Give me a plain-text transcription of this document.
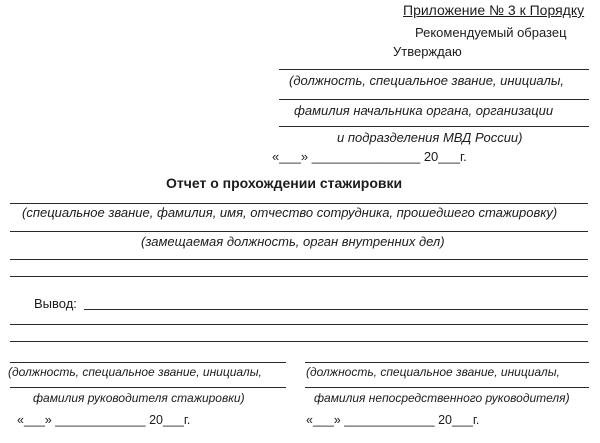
Приложение № 3 к Порядку
Рекомендуемый образец
Утверждаю
(должность, специальное звание, инициалы,
фамилия начальника органа, организации
и подразделения МВД России)
«___» _______________ 20___г.
Отчет о прохождении стажировки
(специальное звание, фамилия, имя, отчество сотрудника, прошедшего стажировку)
(замещаемая должность, орган внутренних дел)
Вывод:
(должность, специальное звание, инициалы,
фамилия руководителя стажировки)
«___» _____________ 20___г.
(должность, специальное звание, инициалы,
фамилия непосредственного руководителя)
«___» _____________ 20___г.
